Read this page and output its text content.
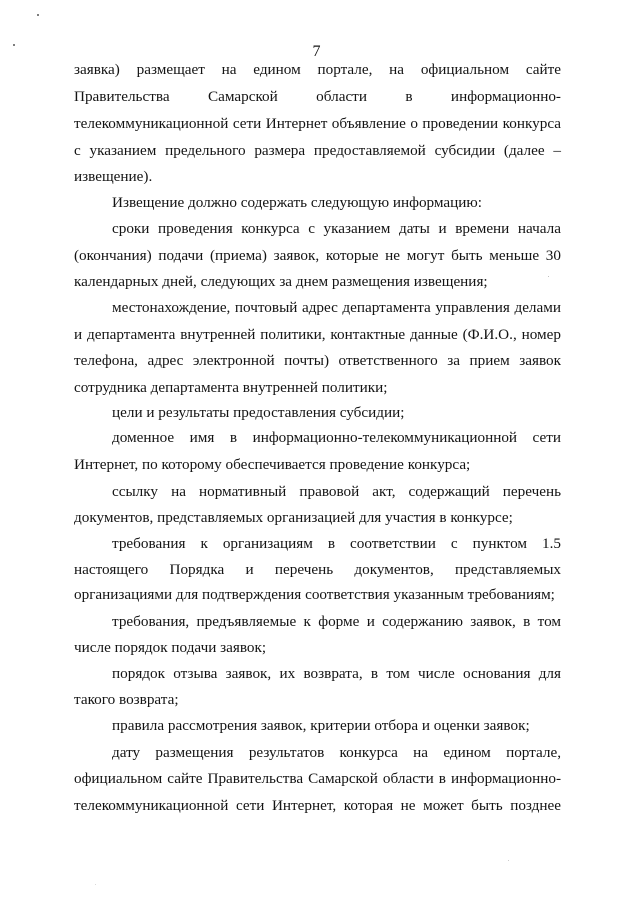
7
заявка) размещает на едином портале, на официальном сайте
Правительства Самарской области в информационно-
телекоммуникационной сети Интернет объявление о проведении конкурса
с указанием предельного размера предоставляемой субсидии (далее –
извещение).
Извещение должно содержать следующую информацию:
сроки проведения конкурса с указанием даты и времени начала
(окончания) подачи (приема) заявок, которые не могут быть меньше 30
календарных дней, следующих за днем размещения извещения;
местонахождение, почтовый адрес департамента управления делами
и департамента внутренней политики, контактные данные (Ф.И.О., номер
телефона, адрес электронной почты) ответственного за прием заявок
сотрудника департамента внутренней политики;
цели и результаты предоставления субсидии;
доменное имя в информационно-телекоммуникационной сети
Интернет, по которому обеспечивается проведение конкурса;
ссылку на нормативный правовой акт, содержащий перечень
документов, представляемых организацией для участия в конкурсе;
требования к организациям в соответствии с пунктом 1.5
настоящего Порядка и перечень документов, представляемых
организациями для подтверждения соответствия указанным требованиям;
требования, предъявляемые к форме и содержанию заявок, в том
числе порядок подачи заявок;
порядок отзыва заявок, их возврата, в том числе основания для
такого возврата;
правила рассмотрения заявок, критерии отбора и оценки заявок;
дату размещения результатов конкурса на едином портале,
официальном сайте Правительства Самарской области в информационно-
телекоммуникационной сети Интернет, которая не может быть позднее
